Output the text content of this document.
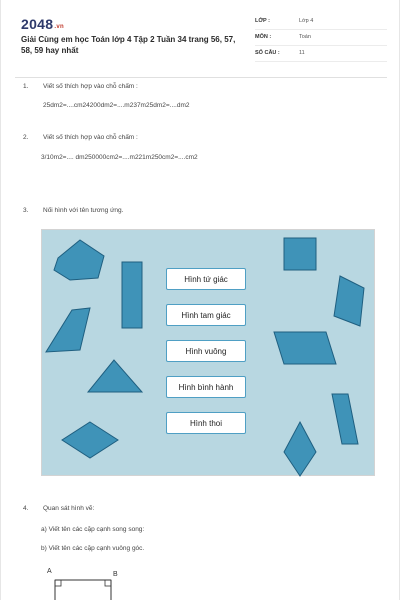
2048.vn
Giải Cùng em học Toán lớp 4 Tập 2 Tuần 34 trang 56, 57, 58, 59 hay nhất
LỚP :	Lớp 4
MÔN :	Toán
SỐ CÂU :	11
1. Viết số thích hợp vào chỗ chấm :
25dm2=....cm24200dm2=....m237m25dm2=....dm2
2. Viết số thích hợp vào chỗ chấm :
3/10m2=.... dm250000cm2=....m221m250cm2=....cm2
3. Nối hình với tên tương ứng.
Hình tứ giác
Hình tam giác
Hình vuông
Hình bình hành
Hình thoi
4. Quan sát hình vẽ:
a) Viết tên các cặp cạnh song song:
b) Viết tên các cặp cạnh vuông góc.
A	B
